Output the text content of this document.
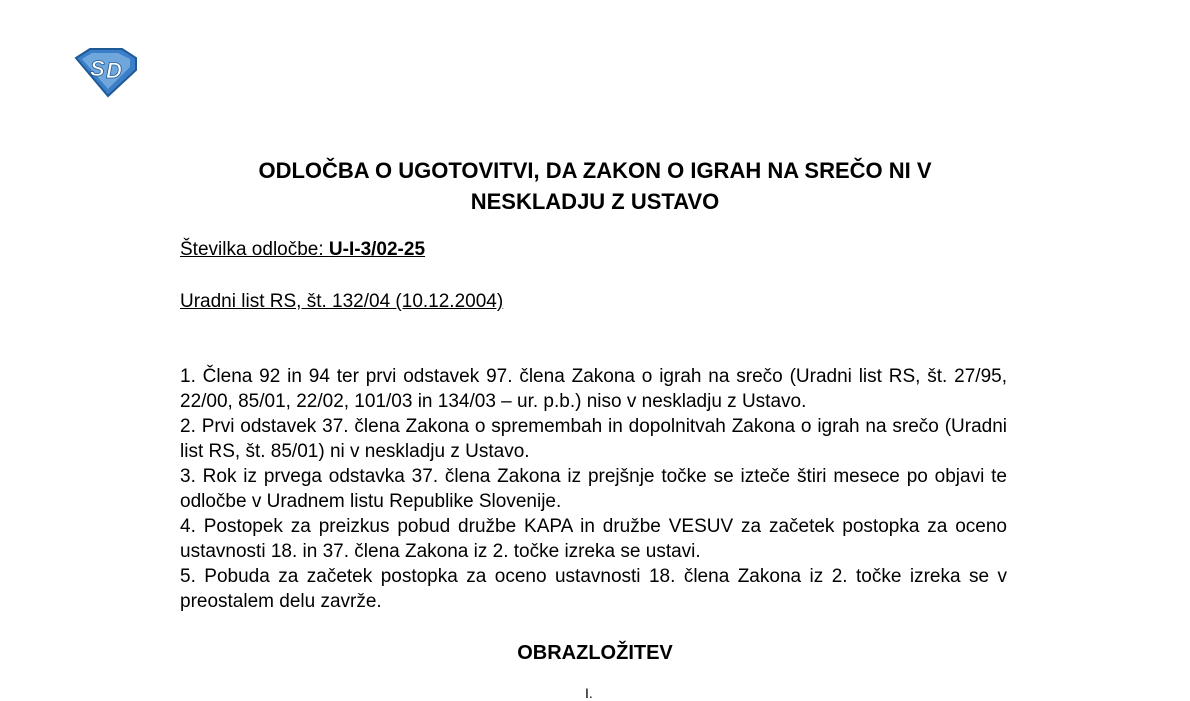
S D
ODLOČBA O UGOTOVITVI, DA ZAKON O IGRAH NA SREČO NI V
NESKLADJU Z USTAVO
Številka odločbe: U-I-3/02-25
Uradni list RS, št. 132/04 (10.12.2004)

1. Člena 92 in 94 ter prvi odstavek 97. člena Zakona o igrah na srečo (Uradni list RS, št. 27/95, 22/00, 85/01, 22/02, 101/03 in 134/03 – ur. p.b.) niso v neskladju z Ustavo.

2. Prvi odstavek 37. člena Zakona o spremembah in dopolnitvah Zakona o igrah na srečo (Uradni list RS, št. 85/01) ni v neskladju z Ustavo.

3. Rok iz prvega odstavka 37. člena Zakona iz prejšnje točke se izteče štiri mesece po objavi te odločbe v Uradnem listu Republike Slovenije.

4. Postopek za preizkus pobud družbe KAPA in družbe VESUV za začetek postopka za oceno ustavnosti 18. in 37. člena Zakona iz 2. točke izreka se ustavi.

5. Pobuda za začetek postopka za oceno ustavnosti 18. člena Zakona iz 2. točke izreka se v preostalem delu zavrže.

OBRAZLOŽITEV
I.
